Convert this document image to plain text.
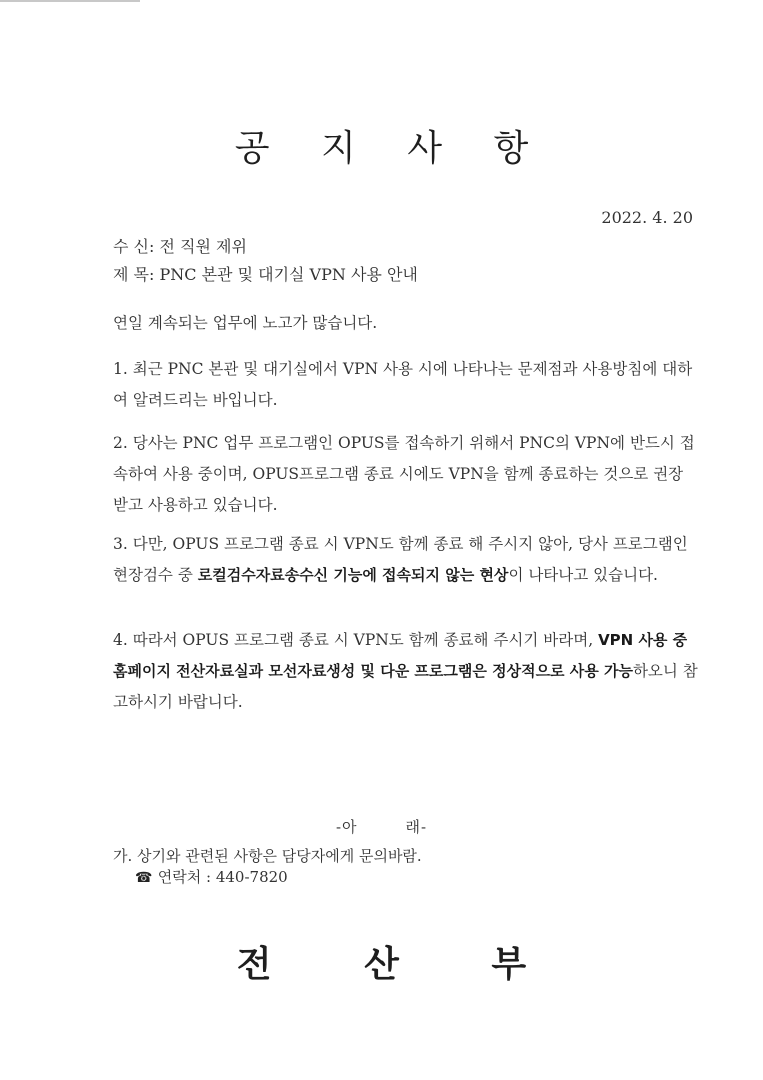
공 지 사 항
2022. 4. 20
수 신: 전 직원 제위
제 목: PNC 본관 및 대기실 VPN 사용 안내
연일 계속되는 업무에 노고가 많습니다.
1. 최근 PNC 본관 및 대기실에서 VPN 사용 시에 나타나는 문제점과 사용방침에 대하여 알려드리는 바입니다.
2. 당사는 PNC 업무 프로그램인 OPUS를 접속하기 위해서 PNC의 VPN에 반드시 접속하여 사용 중이며, OPUS프로그램 종료 시에도 VPN을 함께 종료하는 것으로 권장 받고 사용하고 있습니다.
3. 다만, OPUS 프로그램 종료 시 VPN도 함께 종료 해 주시지 않아, 당사 프로그램인 현장검수 중 로컬검수자료송수신 기능에 접속되지 않는 현상이 나타나고 있습니다.
4. 따라서 OPUS 프로그램 종료 시 VPN도 함께 종료해 주시기 바라며, VPN 사용 중 홈페이지 전산자료실과 모선자료생성 및 다운 프로그램은 정상적으로 사용 가능하오니 참고하시기 바랍니다.
-아	래-
가. 상기와 관련된 사항은 담당자에게 문의바람.
☎ 연락처 : 440-7820
전 산 부
